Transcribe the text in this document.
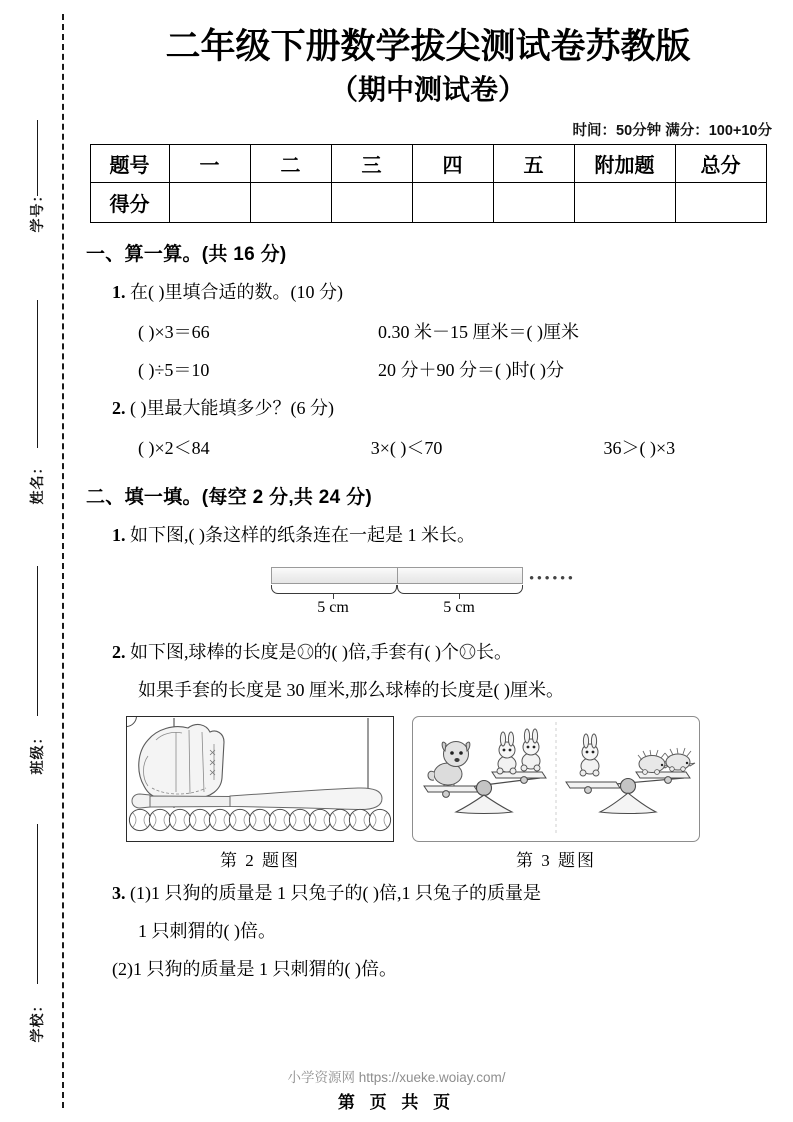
学号：
姓名：
班级：
学校：
二年级下册数学拔尖测试卷苏教版
（期中测试卷）
时间：50分钟 满分：100+10分
题号	一	二	三	四	五	附加题	总分
得分							
一、算一算。(共 16 分)
1. 在( )里填合适的数。(10 分)
( )×3＝66	0.30 米－15 厘米＝( )厘米
( )÷5＝10	20 分＋90 分＝( )时( )分
2. ( )里最大能填多少？(6 分)
( )×2＜84	3×( )＜70	36＞( )×3
二、填一填。(每空 2 分,共 24 分)
1. 如下图,( )条这样的纸条连在一起是 1 米长。
••••••
5 cm	5 cm
2. 如下图,球棒的长度是 的( )倍,手套有( )个 长。
如果手套的长度是 30 厘米,那么球棒的长度是( )厘米。
第 2 题图	第 3 题图
3. (1)1 只狗的质量是 1 只兔子的( )倍,1 只兔子的质量是
1 只刺猬的( )倍。
(2)1 只狗的质量是 1 只刺猬的( )倍。
小学资源网 https://xueke.woiay.com/
第 页 共 页
